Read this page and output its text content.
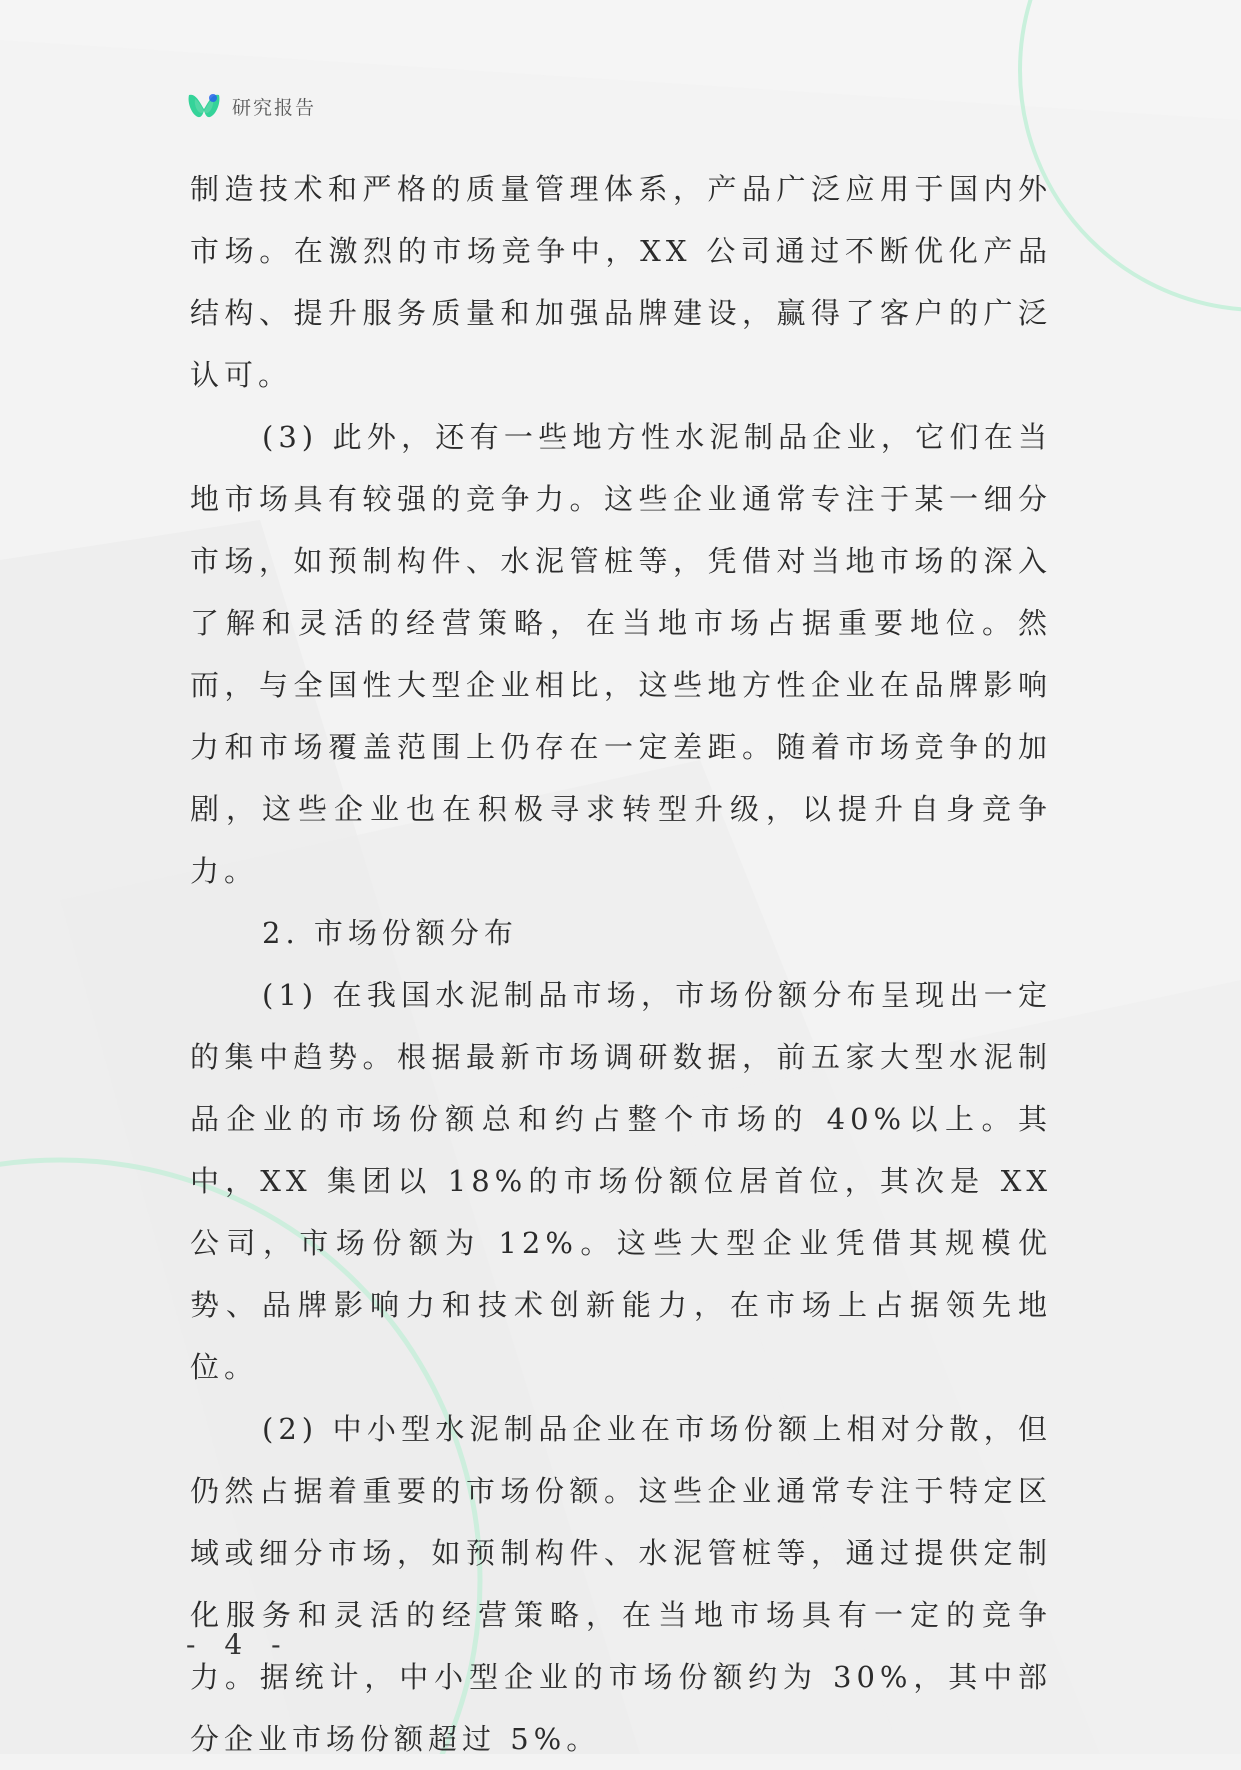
研究报告

制造技术和严格的质量管理体系，产品广泛应用于国内外市场。在激烈的市场竞争中，XX 公司通过不断优化产品结构、提升服务质量和加强品牌建设，赢得了客户的广泛认可。

(3) 此外，还有一些地方性水泥制品企业，它们在当地市场具有较强的竞争力。这些企业通常专注于某一细分市场，如预制构件、水泥管桩等，凭借对当地市场的深入了解和灵活的经营策略，在当地市场占据重要地位。然而，与全国性大型企业相比，这些地方性企业在品牌影响力和市场覆盖范围上仍存在一定差距。随着市场竞争的加剧，这些企业也在积极寻求转型升级，以提升自身竞争力。

2. 市场份额分布

(1) 在我国水泥制品市场，市场份额分布呈现出一定的集中趋势。根据最新市场调研数据，前五家大型水泥制品企业的市场份额总和约占整个市场的 40%以上。其中，XX 集团以 18%的市场份额位居首位，其次是 XX 公司，市场份额为 12%。这些大型企业凭借其规模优势、品牌影响力和技术创新能力，在市场上占据领先地位。

(2) 中小型水泥制品企业在市场份额上相对分散，但仍然占据着重要的市场份额。这些企业通常专注于特定区域或细分市场，如预制构件、水泥管桩等，通过提供定制化服务和灵活的经营策略，在当地市场具有一定的竞争力。据统计，中小型企业的市场份额约为 30%，其中部分企业市场份额超过 5%。

- 4 -
